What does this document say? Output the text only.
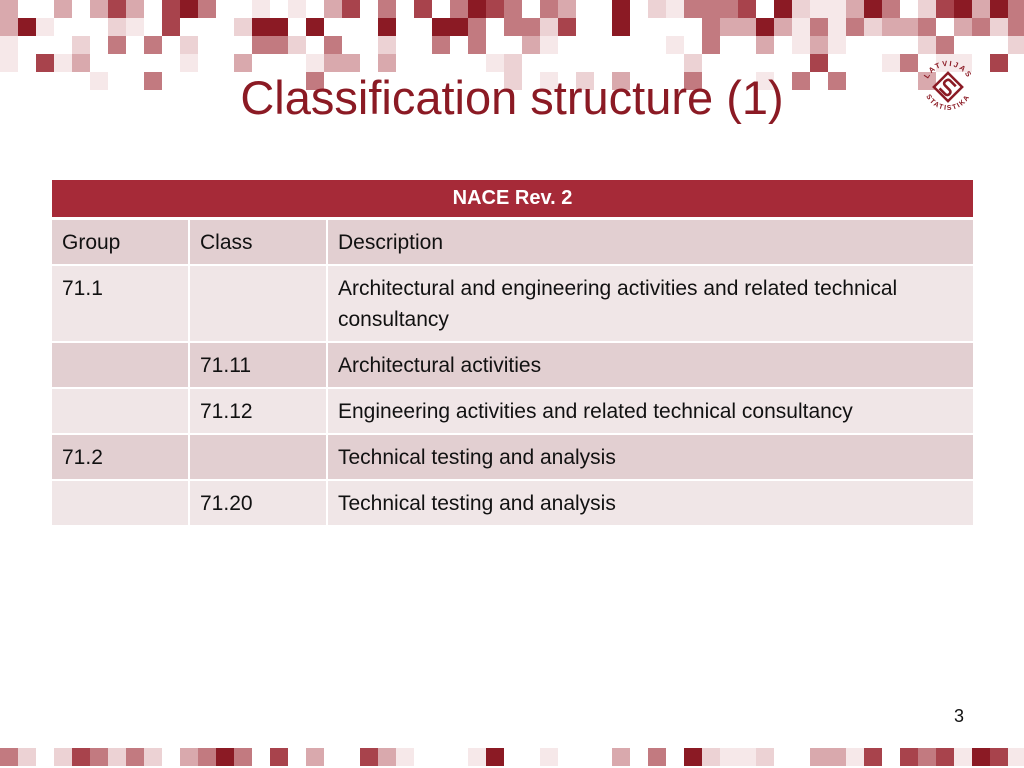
Classification structure (1)	LATVIJAS
STATISTIKA
NACE Rev. 2		
Group	Class	Description
71.1		Architectural and engineering activities and related technical consultancy
	71.11	Architectural activities
	71.12	Engineering activities and related technical consultancy
71.2		Technical testing and analysis
	71.20	Technical testing and analysis
3
